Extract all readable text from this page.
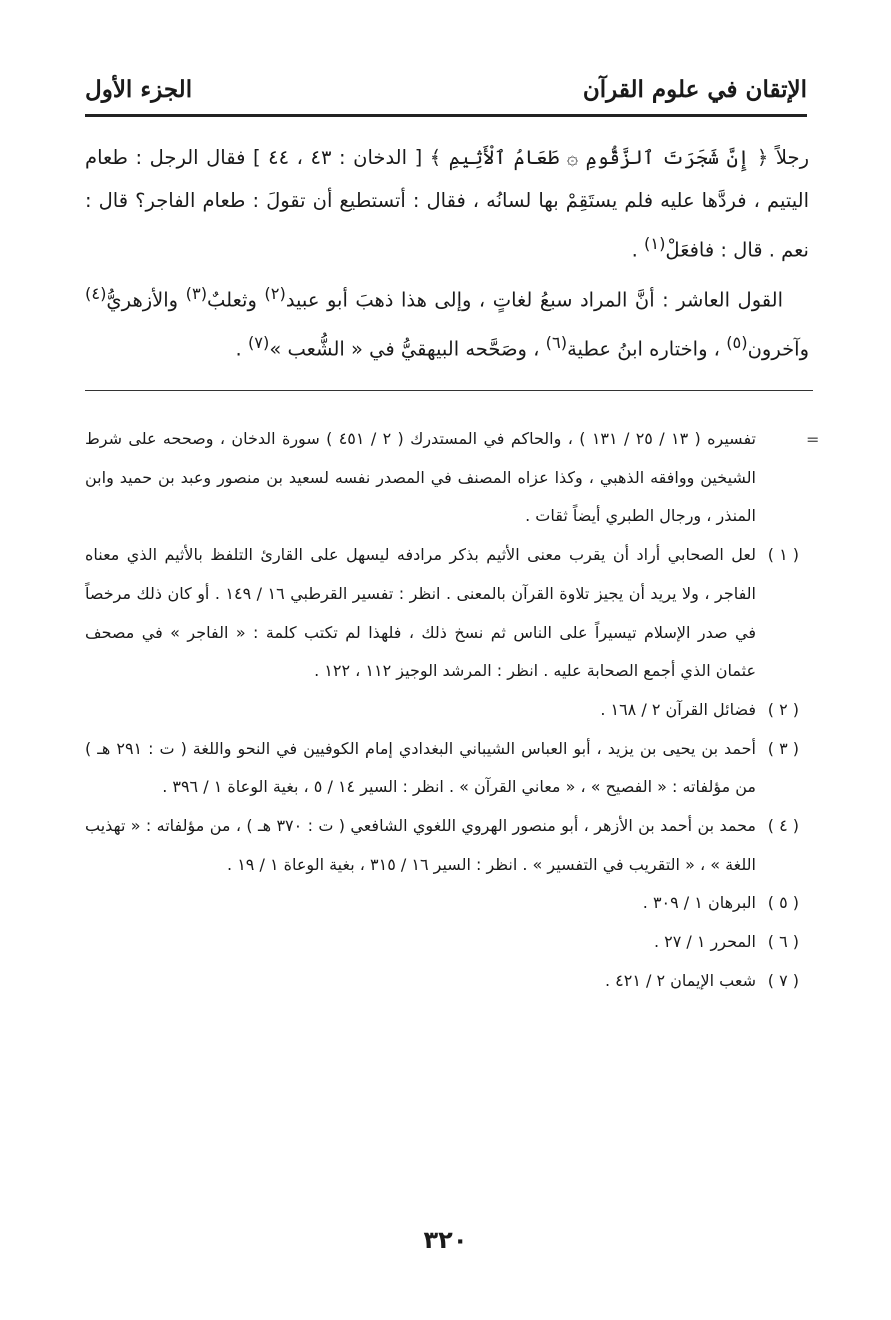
الإتقان في علوم القرآن
الجزء الأول

رجلاً ﴿ إِنَّ شَجَرَتَ ٱلزَّقُّومِ ۞ طَعَامُ ٱلْأَثِيمِ ﴾ [ الدخان : ٤٣ ، ٤٤ ] فقال الرجل : طعام اليتيم ، فردَّها عليه فلم يستَقِمْ بها لسانُه ، فقال : أتستطيع أن تقولَ : طعام الفاجر؟ قال : نعم . قال : فافعَلْ$^{(١)}$ .

القول العاشر : أنَّ المراد سبعُ لغاتٍ ، وإلى هذا ذهبَ أبو عبيد$^{(٢)}$ وثعلبٌ$^{(٣)}$ والأزهريُّ$^{(٤)}$ وآخرون$^{(٥)}$ ، واختاره ابنُ عطية$^{(٦)}$ ، وصَحَّحه البيهقيُّ في « الشُّعب »$^{(٧)}$ .

=

تفسيره ( ١٣ / ٢٥ / ١٣١ ) ، والحاكم في المستدرك ( ٢ / ٤٥١ ) سورة الدخان ، وصححه على شرط الشيخين ووافقه الذهبي ، وكذا عزاه المصنف في المصدر نفسه لسعيد بن منصور وعبد بن حميد وابن المنذر ، ورجال الطبري أيضاً ثقات .

( ١ )لعل الصحابي أراد أن يقرب معنى الأثيم بذكر مرادفه ليسهل على القارئ التلفظ بالأثيم الذي معناه الفاجر ، ولا يريد أن يجيز تلاوة القرآن بالمعنى . انظر : تفسير القرطبي ١٦ / ١٤٩ . أو كان ذلك مرخصاً في صدر الإسلام تيسيراً على الناس ثم نسخ ذلك ، فلهذا لم تكتب كلمة : « الفاجر » في مصحف عثمان الذي أجمع الصحابة عليه . انظر : المرشد الوجيز ١١٢ ، ١٢٢ .

( ٢ )فضائل القرآن ٢ / ١٦٨ .

( ٣ )أحمد بن يحيى بن يزيد ، أبو العباس الشيباني البغدادي إمام الكوفيين في النحو واللغة ( ت : ٢٩١ هـ ) من مؤلفاته : « الفصيح » ، « معاني القرآن » . انظر : السير ١٤ / ٥ ، بغية الوعاة ١ / ٣٩٦ .

( ٤ )محمد بن أحمد بن الأزهر ، أبو منصور الهروي اللغوي الشافعي ( ت : ٣٧٠ هـ ) ، من مؤلفاته : « تهذيب اللغة » ، « التقريب في التفسير » . انظر : السير ١٦ / ٣١٥ ، بغية الوعاة ١ / ١٩ .

( ٥ )البرهان ١ / ٣٠٩ .

( ٦ )المحرر ١ / ٢٧ .

( ٧ )شعب الإيمان ٢ / ٤٢١ .

٣٢٠
